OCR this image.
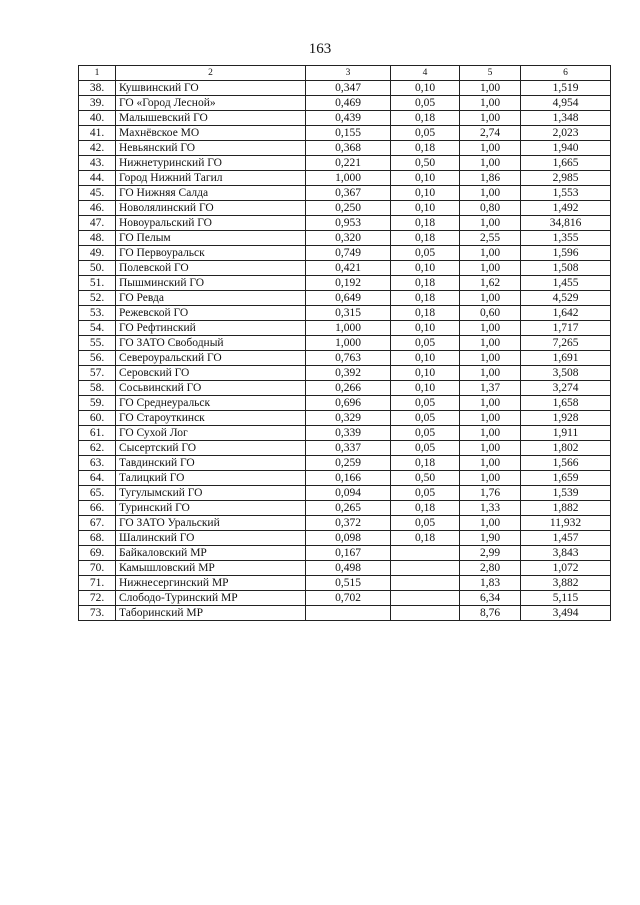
163
1	2	3	4	5	6
38.	Кушвинский ГО	0,347	0,10	1,00	1,519
39.	ГО «Город Лесной»	0,469	0,05	1,00	4,954
40.	Малышевский ГО	0,439	0,18	1,00	1,348
41.	Махнёвское МО	0,155	0,05	2,74	2,023
42.	Невьянский ГО	0,368	0,18	1,00	1,940
43.	Нижнетуринский ГО	0,221	0,50	1,00	1,665
44.	Город Нижний Тагил	1,000	0,10	1,86	2,985
45.	ГО Нижняя Салда	0,367	0,10	1,00	1,553
46.	Новолялинский ГО	0,250	0,10	0,80	1,492
47.	Новоуральский ГО	0,953	0,18	1,00	34,816
48.	ГО Пелым	0,320	0,18	2,55	1,355
49.	ГО Первоуральск	0,749	0,05	1,00	1,596
50.	Полевской ГО	0,421	0,10	1,00	1,508
51.	Пышминский ГО	0,192	0,18	1,62	1,455
52.	ГО Ревда	0,649	0,18	1,00	4,529
53.	Режевской ГО	0,315	0,18	0,60	1,642
54.	ГО Рефтинский	1,000	0,10	1,00	1,717
55.	ГО ЗАТО Свободный	1,000	0,05	1,00	7,265
56.	Североуральский ГО	0,763	0,10	1,00	1,691
57.	Серовский ГО	0,392	0,10	1,00	3,508
58.	Сосьвинский ГО	0,266	0,10	1,37	3,274
59.	ГО Среднеуральск	0,696	0,05	1,00	1,658
60.	ГО Староуткинск	0,329	0,05	1,00	1,928
61.	ГО Сухой Лог	0,339	0,05	1,00	1,911
62.	Сысертский ГО	0,337	0,05	1,00	1,802
63.	Тавдинский ГО	0,259	0,18	1,00	1,566
64.	Талицкий ГО	0,166	0,50	1,00	1,659
65.	Тугулымский ГО	0,094	0,05	1,76	1,539
66.	Туринский ГО	0,265	0,18	1,33	1,882
67.	ГО ЗАТО Уральский	0,372	0,05	1,00	11,932
68.	Шалинский ГО	0,098	0,18	1,90	1,457
69.	Байкаловский МР	0,167		2,99	3,843
70.	Камышловский МР	0,498		2,80	1,072
71.	Нижнесергинский МР	0,515		1,83	3,882
72.	Слободо-Туринский МР	0,702		6,34	5,115
73.	Таборинский МР			8,76	3,494
